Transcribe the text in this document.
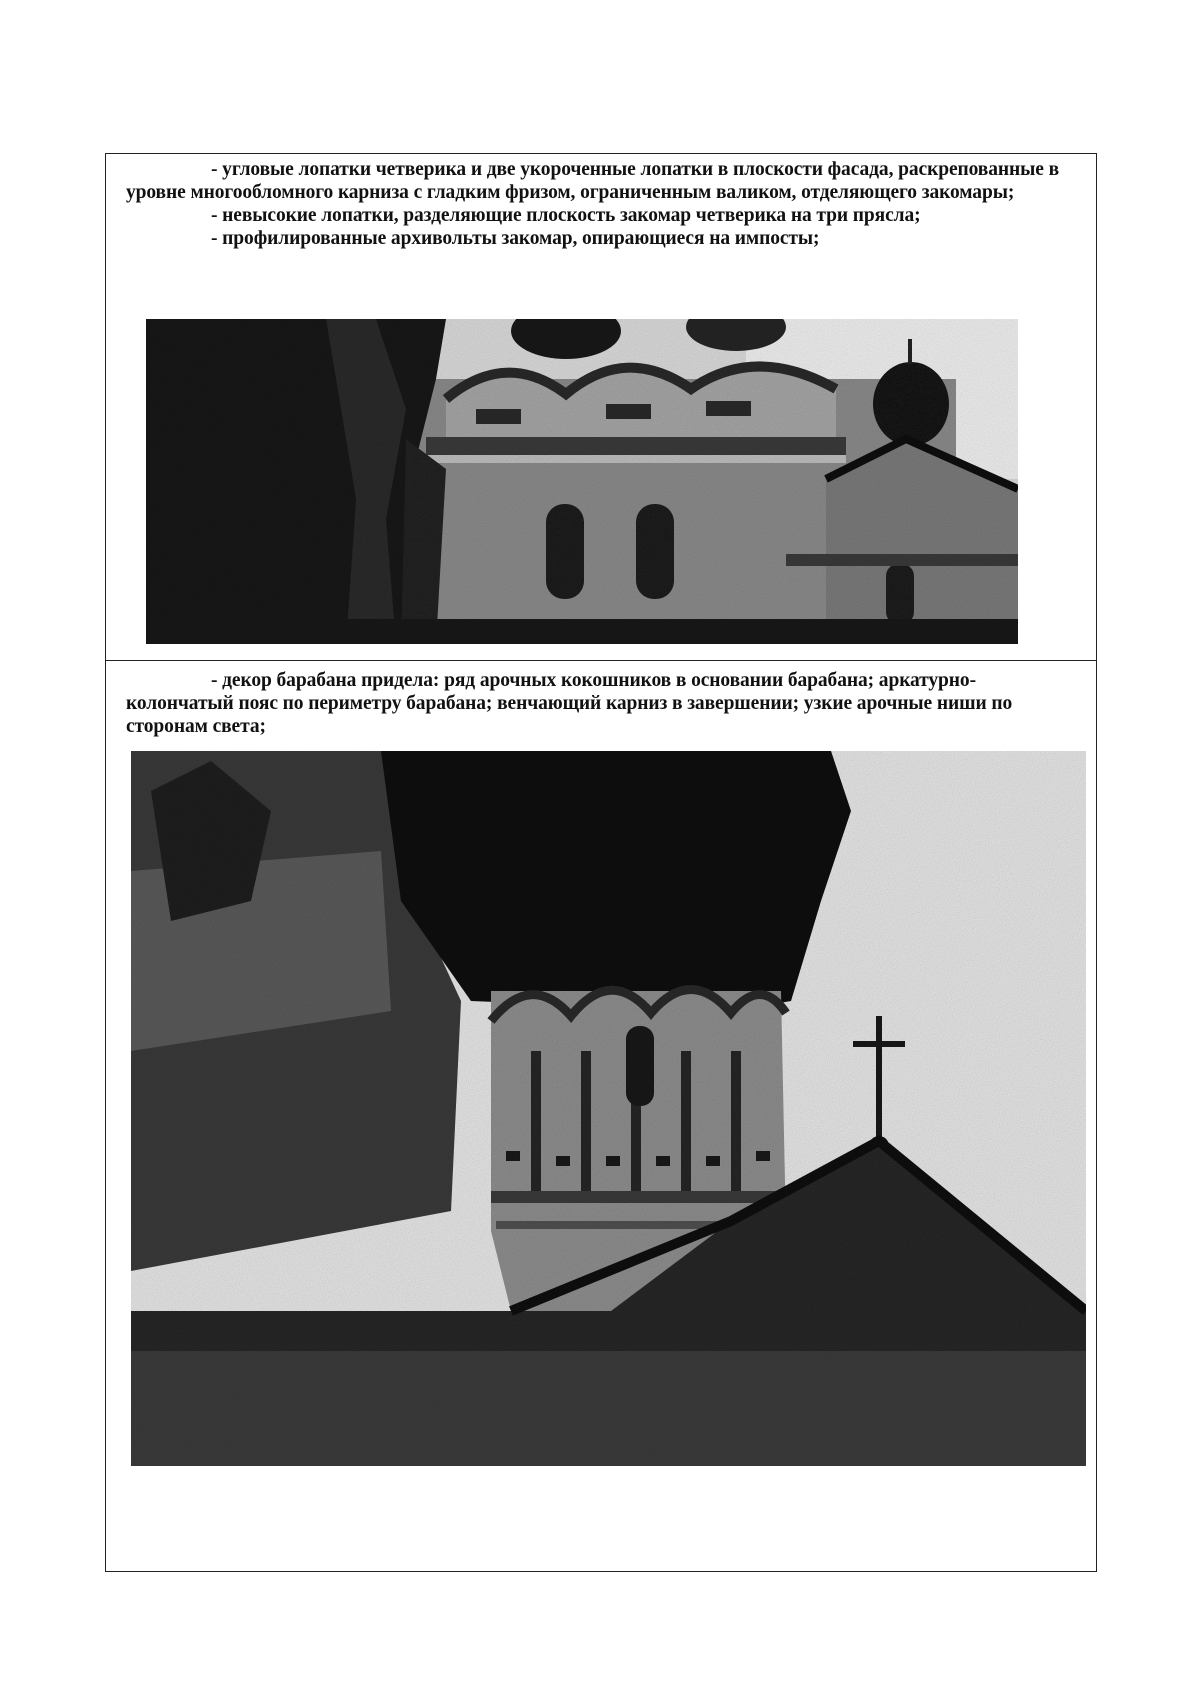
- угловые лопатки четверика и две укороченные лопатки в плоскости фасада, раскрепованные в уровне многообломного карниза с гладким фризом, ограниченным валиком, отделяющего закомары;

- невысокие лопатки, разделяющие плоскость закомар четверика на три прясла;

- профилированные архивольты закомар, опирающиеся на импосты;

- декор барабана придела: ряд арочных кокошников в основании барабана; аркатурно-колончатый пояс по периметру барабана; венчающий карниз в завершении; узкие арочные ниши по сторонам света;
